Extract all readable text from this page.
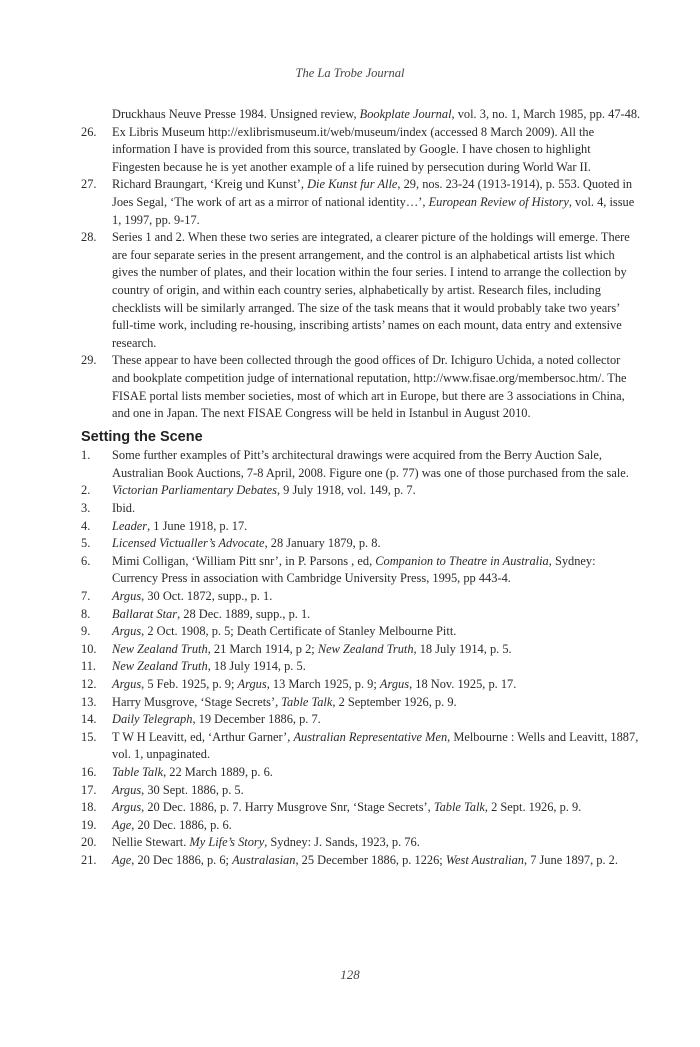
The La Trobe Journal
Druckhaus Neuve Presse 1984. Unsigned review, Bookplate Journal, vol. 3, no. 1, March 1985, pp. 47-48.
26.	Ex Libris Museum http://exlibrismuseum.it/web/museum/index (accessed 8 March 2009). All the information I have is provided from this source, translated by Google. I have chosen to highlight Fingesten because he is yet another example of a life ruined by persecution during World War II.
27.	Richard Braungart, ‘Kreig und Kunst’, Die Kunst fur Alle, 29, nos. 23-24 (1913-1914), p. 553. Quoted in Joes Segal, ‘The work of art as a mirror of national identity…’, European Review of History, vol. 4, issue 1, 1997, pp. 9-17.
28.	Series 1 and 2. When these two series are integrated, a clearer picture of the holdings will emerge. There are four separate series in the present arrangement, and the control is an alphabetical artists list which gives the number of plates, and their location within the four series. I intend to arrange the collection by country of origin, and within each country series, alphabetically by artist. Research files, including checklists will be similarly arranged. The size of the task means that it would probably take two years’ full-time work, including re-housing, inscribing artists’ names on each mount, data entry and extensive research.
29.	These appear to have been collected through the good offices of Dr. Ichiguro Uchida, a noted collector and bookplate competition judge of international reputation, http://www.fisae.org/membersoc.htm/. The FISAE portal lists member societies, most of which art in Europe, but there are 3 associations in China, and one in Japan. The next FISAE Congress will be held in Istanbul in August 2010.
Setting the Scene
1.	Some further examples of Pitt’s architectural drawings were acquired from the Berry Auction Sale, Australian Book Auctions, 7-8 April, 2008. Figure one (p. 77) was one of those purchased from the sale.
2.	Victorian Parliamentary Debates, 9 July 1918, vol. 149, p. 7.
3.	Ibid.
4.	Leader, 1 June 1918, p. 17.
5.	Licensed Victualler’s Advocate, 28 January 1879, p. 8.
6.	Mimi Colligan, ‘William Pitt snr’, in P. Parsons , ed, Companion to Theatre in Australia, Sydney: Currency Press in association with Cambridge University Press, 1995, pp 443-4.
7.	Argus, 30 Oct. 1872, supp., p. 1.
8.	Ballarat Star, 28 Dec. 1889, supp., p. 1.
9.	Argus, 2 Oct. 1908, p. 5; Death Certificate of Stanley Melbourne Pitt.
10.	New Zealand Truth, 21 March 1914, p 2; New Zealand Truth, 18 July 1914, p. 5.
11.	New Zealand Truth, 18 July 1914, p. 5.
12.	Argus, 5 Feb. 1925, p. 9; Argus, 13 March 1925, p. 9; Argus, 18 Nov. 1925, p. 17.
13.	Harry Musgrove, ‘Stage Secrets’, Table Talk, 2 September 1926, p. 9.
14.	Daily Telegraph, 19 December 1886, p. 7.
15.	T W H Leavitt, ed, ‘Arthur Garner’, Australian Representative Men, Melbourne : Wells and Leavitt, 1887, vol. 1, unpaginated.
16.	Table Talk, 22 March 1889, p. 6.
17.	Argus, 30 Sept. 1886, p. 5.
18.	Argus, 20 Dec. 1886, p. 7. Harry Musgrove Snr, ‘Stage Secrets’, Table Talk, 2 Sept. 1926, p. 9.
19.	Age, 20 Dec. 1886, p. 6.
20.	Nellie Stewart. My Life’s Story, Sydney: J. Sands, 1923, p. 76.
21.	Age, 20 Dec 1886, p. 6; Australasian, 25 December 1886, p. 1226; West Australian, 7 June 1897, p. 2.
128
